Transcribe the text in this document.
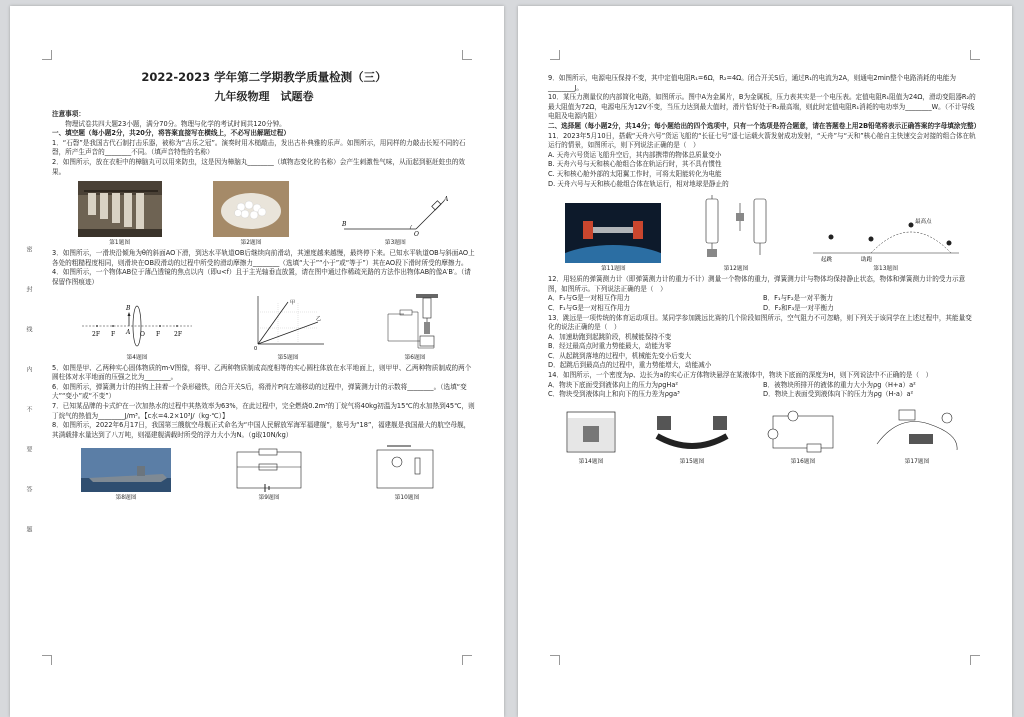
密　封　线　内　不　要　答　题
2022-2023 学年第二学期教学质量检测（三）
九年级物理　试题卷
注意事项：
物理试卷共四大题23小题，满分70分。物理与化学的考试时间共120分钟。
一、填空题（每小题2分，共20分，将答案直接写在横线上，不必写出解题过程）
1．“石磬”是我国古代石制打击乐器，被称为“吉乐之冠”。演奏时用木槌敲击，发出古朴典雅的乐声。如图所示，用同样的力敲击长短不同的石磬，所产生声音的________不同。（填声音特性的名称）
2．如图所示，放在衣柜中的樟脑丸可以用来防虫，这是因为樟脑丸________（填物态变化的名称）会产生刺激性气味，从而起到驱赶蛀虫的效果。
第1题图	第2题图
B
O
A
第3题图
3．如图所示，一滑块沿倾角为θ的斜面AO下滑，到达水平轨道OB后继续向前滑动，其速度越来越慢，最终停下来。已知水平轨道OB与斜面AO上各处的粗糙程度相同，则滑块在OB段滑动的过程中所受的滑动摩擦力________（选填“大于”“小于”或“等于”）其在AO段下滑时所受的摩擦力。
4．如图所示，一个物体AB位于薄凸透镜的焦点以内（即u<f）且于主光轴垂直放置，请在图中通过作稀疏光路的方法作出物体AB的像A′B′。（请保留作图痕迹）
2F F	O F 2F
B
A
第4题图
甲
乙
0
第5题图	第6题图
5．如图是甲、乙两种实心固体物质的m-V图像，将甲、乙两种物质制成高度相等的实心圆柱体放在水平地面上，则甲甲、乙两种物质制成的两个圆柱体对水平地面的压强之比为________。
6．如图所示，弹簧测力计的挂钩上挂着一个条形磁铁，闭合开关S后，将滑片P向左端移动的过程中，弹簧测力计的示数将________。（选填“变大”“变小”或“不变”）
7．已知某品牌的卡式炉在一次加热水的过程中其热效率为63%，在此过程中，完全燃烧0.2m³的丁烷气将40kg初温为15℃的水加热到45℃，则丁烷气的热值为________J/m³。【c水=4.2×10³J/（kg·℃）】
8．如图所示，2022年6月17日，我国第三艘航空母舰正式命名为“中国人民解放军海军福建舰”，舷号为“18”，福建舰是我国最大的航空母舰，其满载排水量达到了八万吨，则福建舰满载时所受的浮力大小为N。（g取10N/kg）
第8题图	第9题图	第10题图
9．如图所示，电源电压保持不变，其中定值电阻R₁=6Ω，R₂=4Ω。闭合开关S后，通过R₁的电流为2A，则通电2min整个电路消耗的电能为________J。
10．某压力测量仪的内部简化电路，如图所示。图中A为金属片，B为金属板，压力表其实是一个电压表。定值电阻R₁阻值为24Ω，滑动变阻器R₂的最大阻值为72Ω，电源电压为12V不变，当压力达到最大值时，滑片恰好处于R₂最高端，则此时定值电阻R₁消耗的电功率为________W。（不计导线电阻及电源内阻）
二、选择题（每小题2分，共14分；每小题给出的四个选项中，只有一个选项是符合题意，请在答题卷上用2B铅笔将表示正确答案的字母填涂完整）
11．2023年5月10日，搭载“天舟六号”货运飞船的“长征七号”遥七运载火箭发射成功发射，“天舟”与“天和”核心舱自主快速交会对接的组合体在轨运行的情景，如图所示，则下列说法正确的是（　）
A. 天舟六号货运飞船升空后，其内部携带的物体总质量变小
B. 天舟六号与天和核心舱组合体在轨运行时，其不具有惯性
C. 天和核心舱外部的太阳翼工作时，可将太阳能转化为电能
D. 天舟六号与天和核心舱组合体在轨运行，相对地球是静止的
第11题图	第12题图
起跳	助跑
最高点
第13题图
12．用轻质的弹簧测力计（即弹簧测力计的重力不计）测量一个物体的重力，弹簧测力计与物体均保持静止状态，物体和弹簧测力计的受力示意图，如图所示。下列说法正确的是（　）
A．F₁与G是一对相互作用力	B．F₁与F₂是一对平衡力
C．F₁与G是一对相互作用力	D．F₂和F₃是一对平衡力
13．跳远是一项传统的体育运动项目。某同学参加跳远比赛的几个阶段如图所示，空气阻力不可忽略，则下列关于该同学在上述过程中，其能量变化的说法正确的是（　）
A．加速助跑到起跳阶段，机械能保持不变
B．经过最高点时重力势能最大，动能为零
C．从起跳到落地的过程中，机械能先变小后变大
D．起跳后到最高点的过程中，重力势能增大，动能减小
14．如图所示，一个密度为ρ、边长为a的实心正方体物块悬浮在某液体中，物块下底面的深度为H，则下列说法中不正确的是（　）
A．物块下底面受到液体向上的压力为ρgHa²	B．被物块所排开的液体的重力大小为ρg（H+a）a²
C．物块受到液体向上和向下的压力差为ρga³	D．物块上表面受到液体向下的压力为ρg（H-a）a²
第14题图	第15题图	第16题图	第17题图
